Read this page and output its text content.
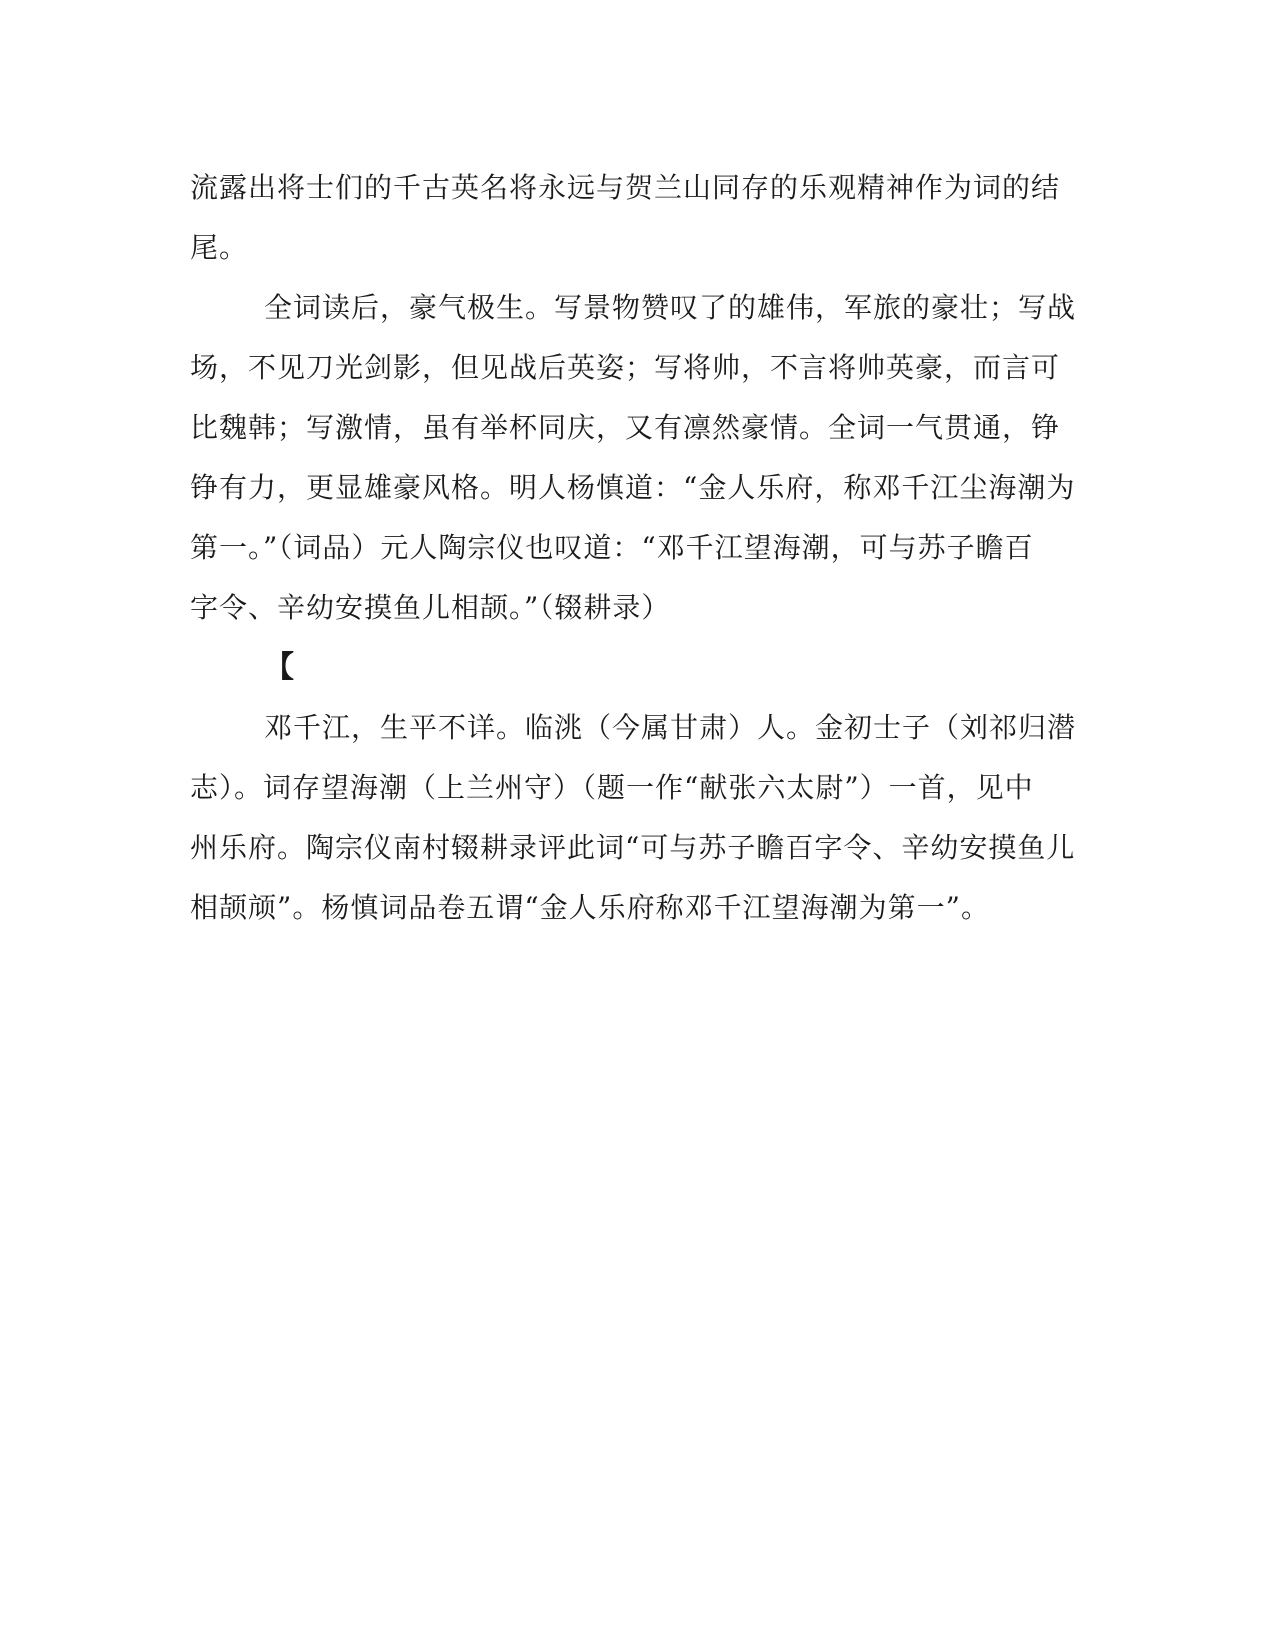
流露出将士们的千古英名将永远与贺兰山同存的乐观精神作为词的结
尾。
全词读后，豪气极生。写景物赞叹了的雄伟，军旅的豪壮；写战
场，不见刀光剑影，但见战后英姿；写将帅，不言将帅英豪，而言可
比魏韩；写激情，虽有举杯同庆，又有凛然豪情。全词一气贯通，铮
铮有力，更显雄豪风格。明人杨慎道：“金人乐府，称邓千江尘海潮为
第一。”（词品）元人陶宗仪也叹道：“邓千江望海潮，可与苏子瞻百
字令、辛幼安摸鱼儿相颉。”（辍耕录）
【
邓千江，生平不详。临洮（今属甘肃）人。金初士子（刘祁归潜
志）。词存望海潮（上兰州守）（题一作“献张六太尉”）一首，见中
州乐府。陶宗仪南村辍耕录评此词“可与苏子瞻百字令、辛幼安摸鱼儿
相颉颃”。杨慎词品卷五谓“金人乐府称邓千江望海潮为第一”。
